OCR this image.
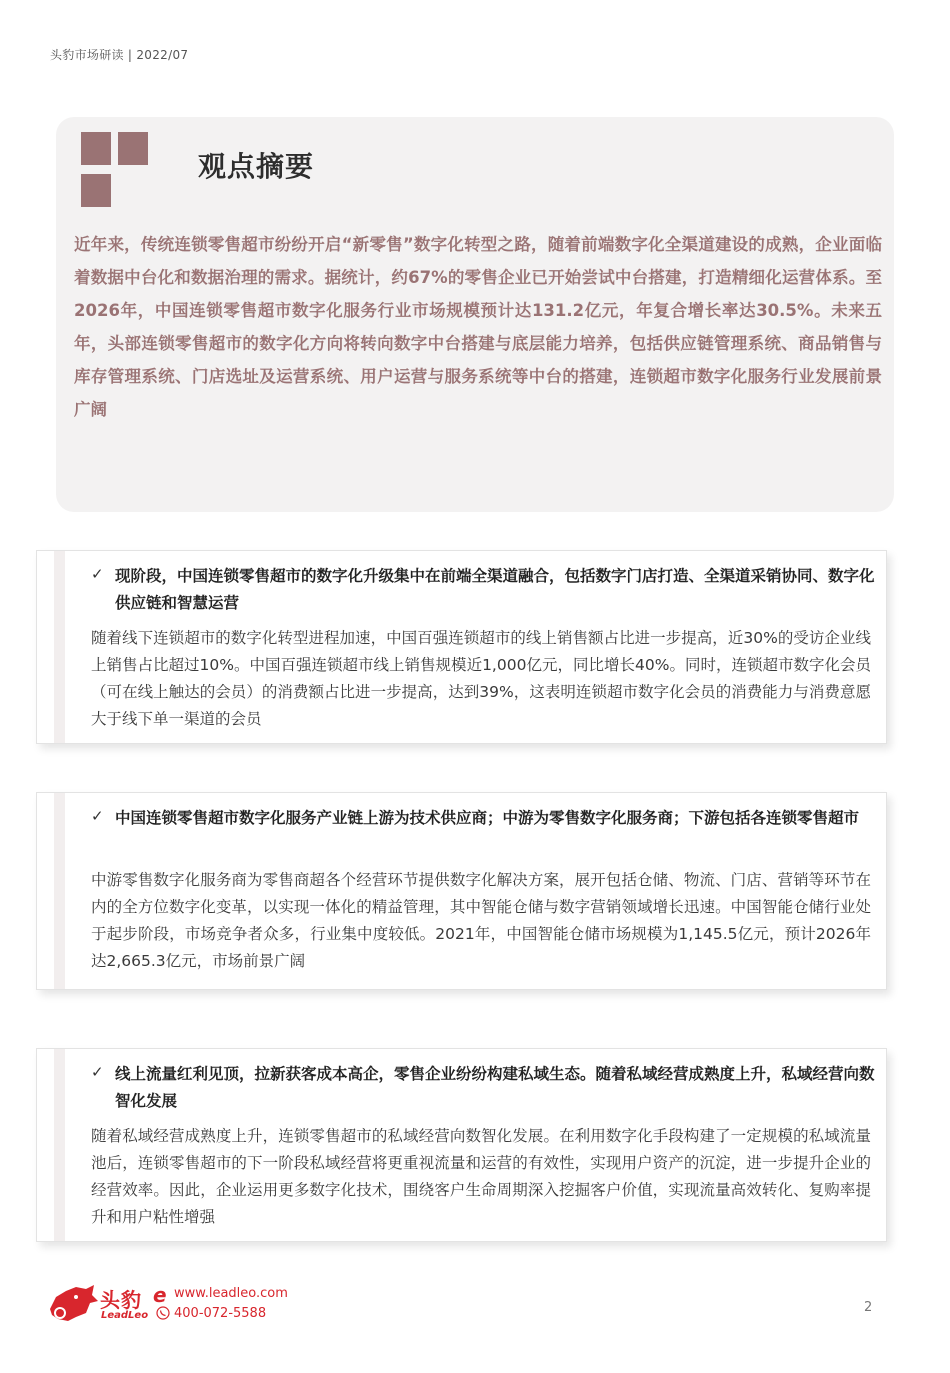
头豹市场研读 | 2022/07
观点摘要
近年来，传统连锁零售超市纷纷开启“新零售”数字化转型之路，随着前端数字化全渠道建设的成熟，企业面临着数据中台化和数据治理的需求。据统计，约67%的零售企业已开始尝试中台搭建，打造精细化运营体系。至2026年，中国连锁零售超市数字化服务行业市场规模预计达131.2亿元，年复合增长率达30.5%。未来五年，头部连锁零售超市的数字化方向将转向数字中台搭建与底层能力培养，包括供应链管理系统、商品销售与库存管理系统、门店选址及运营系统、用户运营与服务系统等中台的搭建，连锁超市数字化服务行业发展前景广阔
✓ 现阶段，中国连锁零售超市的数字化升级集中在前端全渠道融合，包括数字门店打造、全渠道采销协同、数字化供应链和智慧运营
随着线下连锁超市的数字化转型进程加速，中国百强连锁超市的线上销售额占比进一步提高，近30%的受访企业线上销售占比超过10%。中国百强连锁超市线上销售规模近1,000亿元，同比增长40%。同时，连锁超市数字化会员（可在线上触达的会员）的消费额占比进一步提高，达到39%，这表明连锁超市数字化会员的消费能力与消费意愿大于线下单一渠道的会员
✓ 中国连锁零售超市数字化服务产业链上游为技术供应商；中游为零售数字化服务商；下游包括各连锁零售超市
中游零售数字化服务商为零售商超各个经营环节提供数字化解决方案，展开包括仓储、物流、门店、营销等环节在内的全方位数字化变革，以实现一体化的精益管理，其中智能仓储与数字营销领域增长迅速。中国智能仓储行业处于起步阶段，市场竞争者众多，行业集中度较低。2021年，中国智能仓储市场规模为1,145.5亿元，预计2026年达2,665.3亿元，市场前景广阔
✓ 线上流量红利见顶，拉新获客成本高企，零售企业纷纷构建私域生态。随着私域经营成熟度上升，私域经营向数智化发展
随着私域经营成熟度上升，连锁零售超市的私域经营向数智化发展。在利用数字化手段构建了一定规模的私域流量池后，连锁零售超市的下一阶段私域经营将更重视流量和运营的有效性，实现用户资产的沉淀，进一步提升企业的经营效率。因此，企业运用更多数字化技术，围绕客户生命周期深入挖掘客户价值，实现流量高效转化、复购率提升和用户粘性增强
头豹
LeadLeo
e www.leadleo.com
400-072-5588	2
